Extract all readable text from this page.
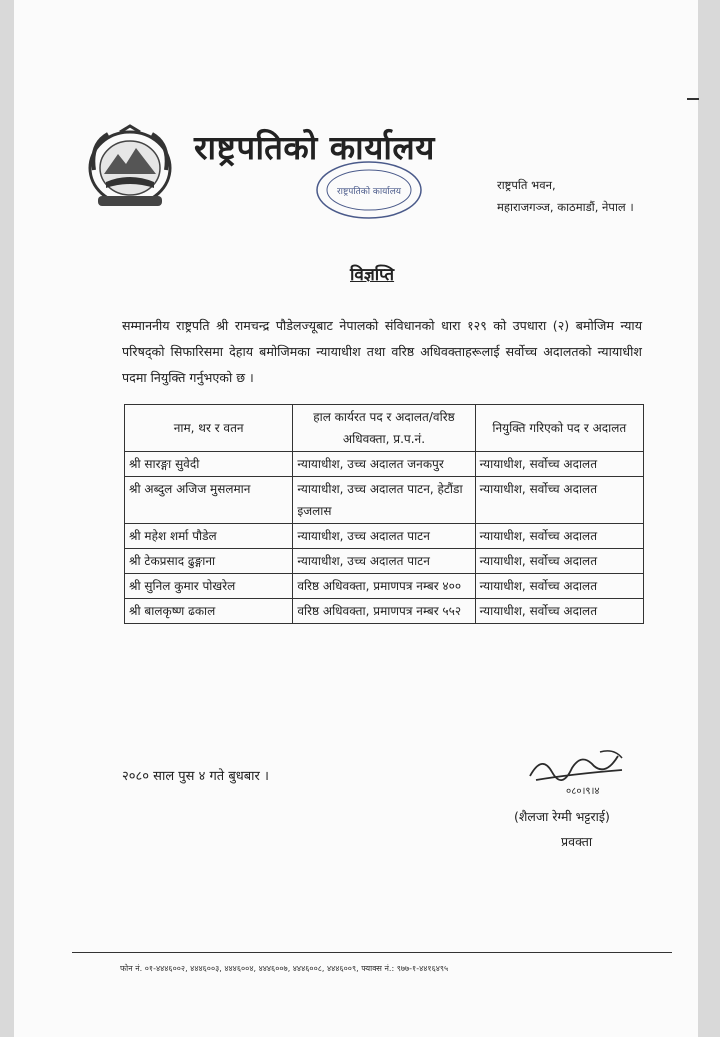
राष्ट्रपतिको कार्यालय
राष्ट्रपतिको कार्यालय	राष्ट्रपति भवन,
महाराजगञ्ज, काठमाडौं, नेपाल ।
विज्ञप्ति
सम्माननीय राष्ट्रपति श्री रामचन्द्र पौडेलज्यूबाट नेपालको संविधानको धारा १२९ को उपधारा (२) बमोजिम न्याय परिषद्को सिफारिसमा देहाय बमोजिमका न्यायाधीश तथा वरिष्ठ अधिवक्ताहरूलाई सर्वोच्च अदालतको न्यायाधीश पदमा नियुक्ति गर्नुभएको छ ।
नाम, थर र वतन	हाल कार्यरत पद र अदालत/वरिष्ठ अधिवक्ता, प्र.प.नं.	नियुक्ति गरिएको पद र अदालत
श्री सारङ्गा सुवेदी	न्यायाधीश, उच्च अदालत जनकपुर	न्यायाधीश, सर्वोच्च अदालत
श्री अब्दुल अजिज मुसलमान	न्यायाधीश, उच्च अदालत पाटन, हेटौंडा इजलास	न्यायाधीश, सर्वोच्च अदालत
श्री महेश शर्मा पौडेल	न्यायाधीश, उच्च अदालत पाटन	न्यायाधीश, सर्वोच्च अदालत
श्री टेकप्रसाद ढुङ्गाना	न्यायाधीश, उच्च अदालत पाटन	न्यायाधीश, सर्वोच्च अदालत
श्री सुनिल कुमार पोखरेल	वरिष्ठ अधिवक्ता, प्रमाणपत्र नम्बर ४००	न्यायाधीश, सर्वोच्च अदालत
श्री बालकृष्ण ढकाल	वरिष्ठ अधिवक्ता, प्रमाणपत्र नम्बर ५५२	न्यायाधीश, सर्वोच्च अदालत
२०८० साल पुस ४ गते बुधबार ।
०८०।९।४
(शैलजा रेग्मी भट्टराई)
प्रवक्ता
फोन नं. ०१-४४४६००२, ४४४६००३, ४४४६००४, ४४४६००७, ४४४६००८, ४४४६००९, फ्याक्स नं.: ९७७-१-४४१६४९५
